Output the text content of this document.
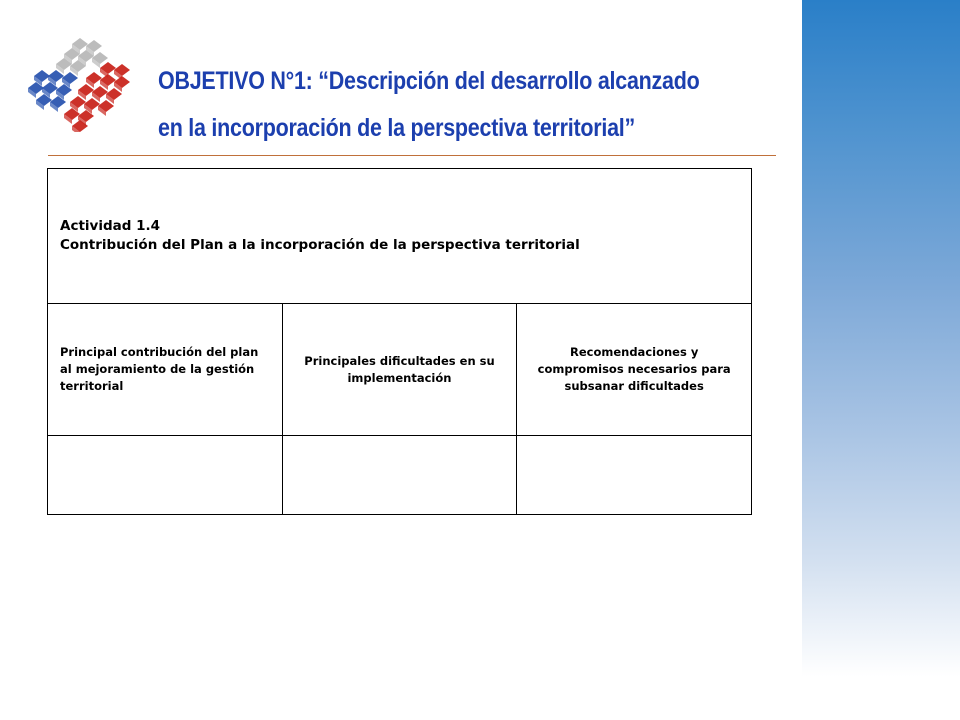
OBJETIVO N°1: “Descripción del desarrollo alcanzado
en la incorporación de la perspectiva territorial”
Actividad 1.4
Contribución del Plan a la incorporación de la perspectiva territorial		

Principal contribución del plan al mejoramiento de la gestión territorial	Principales dificultades en su implementación	Recomendaciones y compromisos necesarios para subsanar dificultades
